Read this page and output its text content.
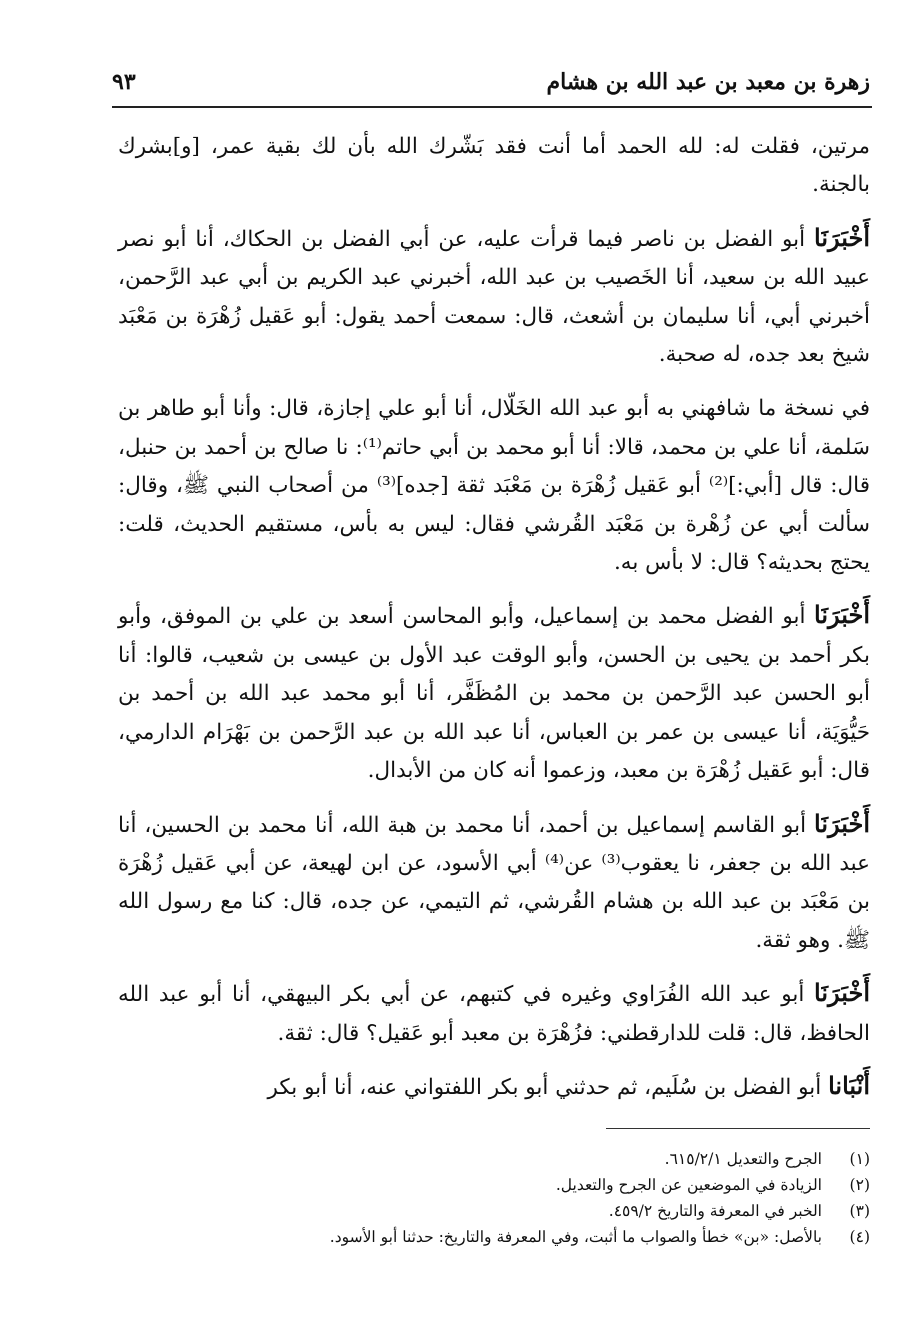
زهرة بن معبد بن عبد الله بن هشام
٩٣

مرتين، فقلت له: لله الحمد أما أنت فقد بَشّرك الله بأن لك بقية عمر، [و]بشرك بالجنة.

أَخْبَرَنَا أبو الفضل بن ناصر فيما قرأت عليه، عن أبي الفضل بن الحكاك، أنا أبو نصر عبيد الله بن سعيد، أنا الخَصيب بن عبد الله، أخبرني عبد الكريم بن أبي عبد الرَّحمن، أخبرني أبي، أنا سليمان بن أشعث، قال: سمعت أحمد يقول: أبو عَقيل زُهْرَة بن مَعْبَد شيخ بعد جده، له صحبة.

في نسخة ما شافهني به أبو عبد الله الخَلّال، أنا أبو علي إجازة، قال: وأنا أبو طاهر بن سَلمة، أنا علي بن محمد، قالا: أنا أبو محمد بن أبي حاتم⁽¹⁾: نا صالح بن أحمد بن حنبل، قال: قال [أبي:]⁽²⁾ أبو عَقيل زُهْرَة بن مَعْبَد ثقة [جده]⁽³⁾ من أصحاب النبي ﷺ، وقال: سألت أبي عن زُهْرة بن مَعْبَد القُرشي فقال: ليس به بأس، مستقيم الحديث، قلت: يحتج بحديثه؟ قال: لا بأس به.

أَخْبَرَنَا أبو الفضل محمد بن إسماعيل، وأبو المحاسن أسعد بن علي بن الموفق، وأبو بكر أحمد بن يحيى بن الحسن، وأبو الوقت عبد الأول بن عيسى بن شعيب، قالوا: أنا أبو الحسن عبد الرَّحمن بن محمد بن المُظَفَّر، أنا أبو محمد عبد الله بن أحمد بن حَيُّوَيَة، أنا عيسى بن عمر بن العباس، أنا عبد الله بن عبد الرَّحمن بن بَهْرَام الدارمي، قال: أبو عَقيل زُهْرَة بن معبد، وزعموا أنه كان من الأبدال.

أَخْبَرَنَا أبو القاسم إسماعيل بن أحمد، أنا محمد بن هبة الله، أنا محمد بن الحسين، أنا عبد الله بن جعفر، نا يعقوب⁽³⁾ عن⁽⁴⁾ أبي الأسود، عن ابن لهيعة، عن أبي عَقيل زُهْرَة بن مَعْبَد بن عبد الله بن هشام القُرشي، ثم التيمي، عن جده، قال: كنا مع رسول الله ﷺ. وهو ثقة.

أَخْبَرَنَا أبو عبد الله الفُرَاوي وغيره في كتبهم، عن أبي بكر البيهقي، أنا أبو عبد الله الحافظ، قال: قلت للدارقطني: فزُهْرَة بن معبد أبو عَقيل؟ قال: ثقة.

أَنْبَانا أبو الفضل بن سُلَيم، ثم حدثني أبو بكر اللفتواني عنه، أنا أبو بكر

(١)
الجرح والتعديل ٦١٥/٢/١.
(٢)
الزيادة في الموضعين عن الجرح والتعديل.
(٣)
الخبر في المعرفة والتاريخ ٤٥٩/٢.
(٤)
بالأصل: «بن» خطأ والصواب ما أثبت، وفي المعرفة والتاريخ: حدثنا أبو الأسود.
